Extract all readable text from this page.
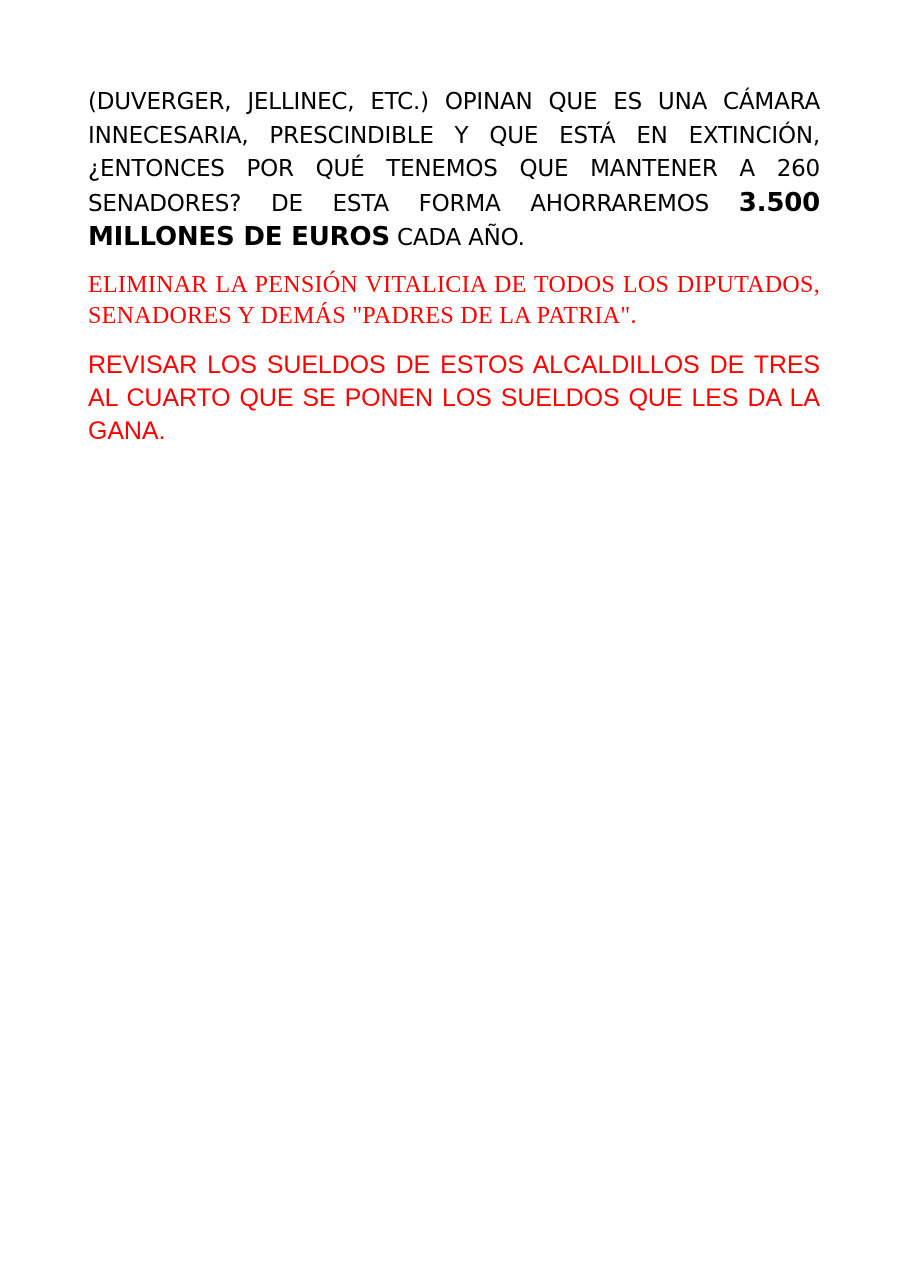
(DUVERGER, JELLINEC, ETC.) OPINAN QUE ES UNA CÁMARA INNECESARIA, PRESCINDIBLE Y QUE ESTÁ EN EXTINCIÓN, ¿ENTONCES POR QUÉ TENEMOS QUE MANTENER A 260 SENADORES? DE ESTA FORMA AHORRAREMOS 3.500 MILLONES DE EUROS CADA AÑO.

ELIMINAR LA PENSIÓN VITALICIA DE TODOS LOS DIPUTADOS, SENADORES Y DEMÁS "PADRES DE LA PATRIA".

REVISAR LOS SUELDOS DE ESTOS ALCALDILLOS DE TRES AL CUARTO QUE SE PONEN LOS SUELDOS QUE LES DA LA GANA.
